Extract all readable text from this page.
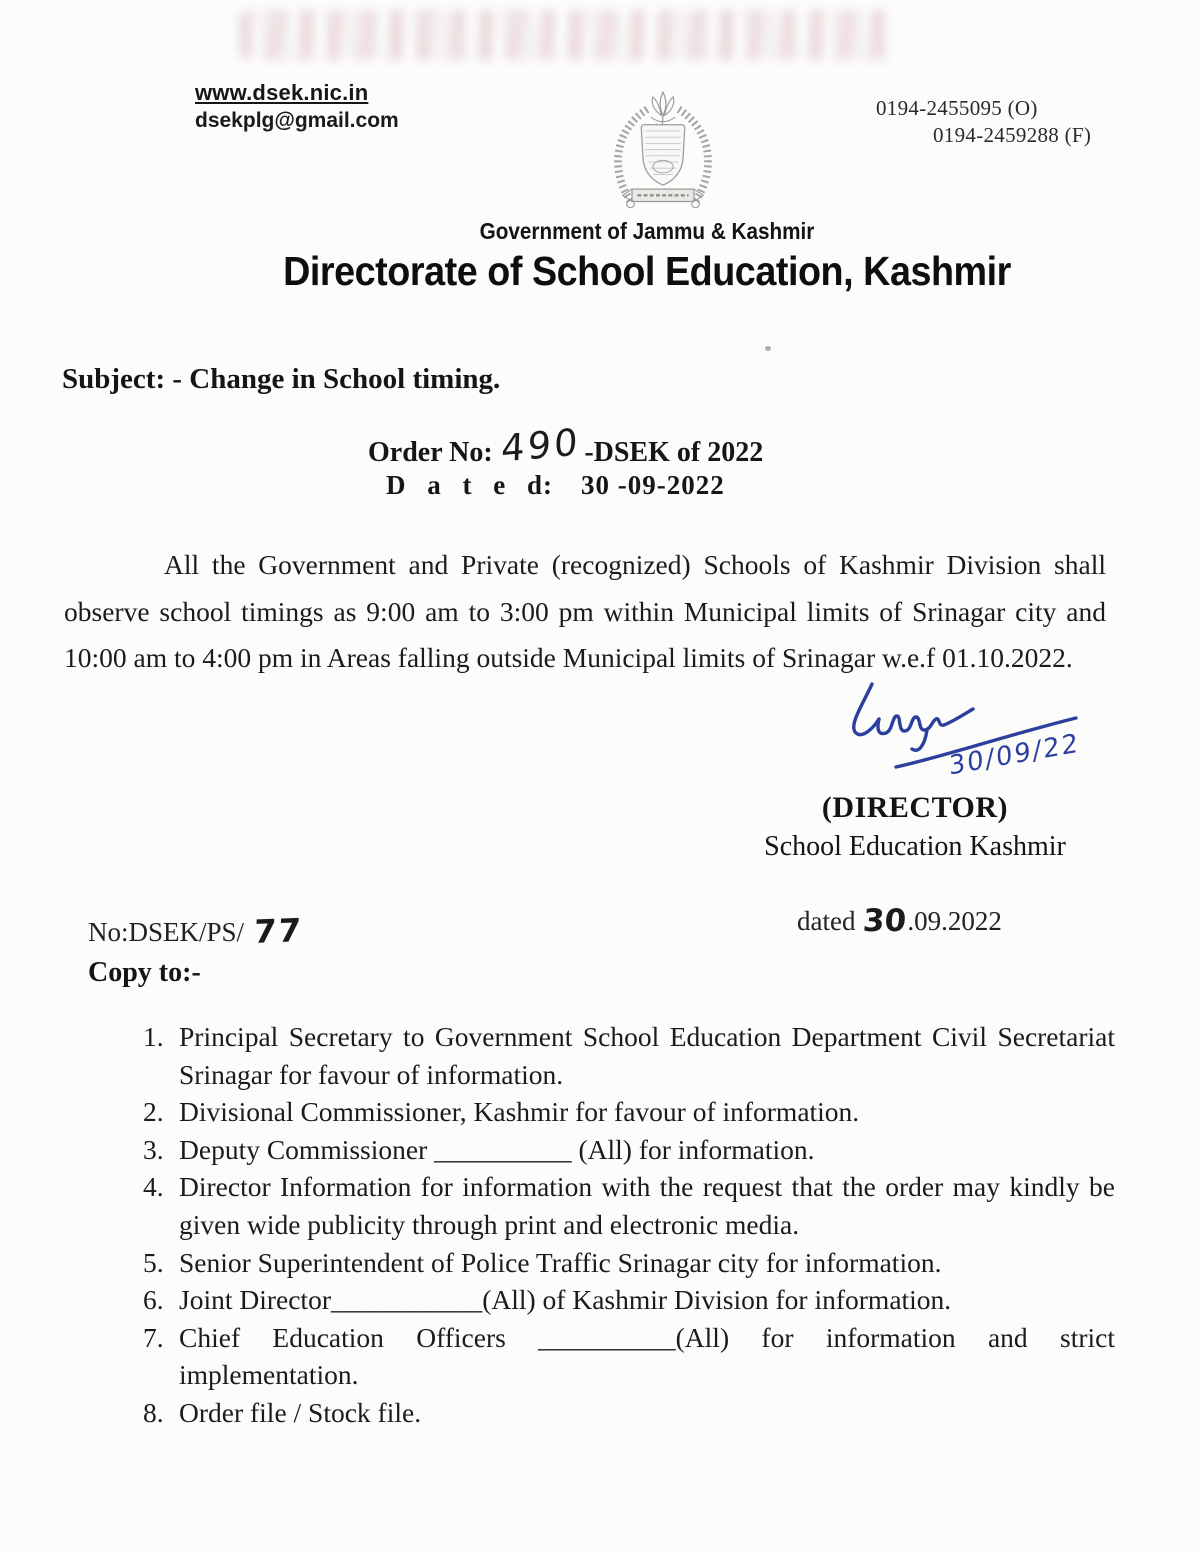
www.dsek.nic.in
dsekplg@gmail.com
0194-2455095 (O)
0194-2459288 (F)
Government of Jammu & Kashmir
Directorate of School Education, Kashmir
Subject: - Change in School timing.
Order No: 490 -DSEK of 2022
D a t e d: 30 -09-2022

All the Government and Private (recognized) Schools of Kashmir Division shall observe school timings as 9:00 am to 3:00 pm within Municipal limits of Srinagar city and 10:00 am to 4:00 pm in Areas falling outside Municipal limits of Srinagar w.e.f 01.10.2022.

30/09/22
(DIRECTOR)
School Education Kashmir
No:DSEK/PS/ 77	dated 30.09.2022
Copy to:-
1. Principal Secretary to Government School Education Department Civil Secretariat Srinagar for favour of information.
2. Divisional Commissioner, Kashmir for favour of information.
3. Deputy Commissioner __________ (All) for information.
4. Director Information for information with the request that the order may kindly be given wide publicity through print and electronic media.
5. Senior Superintendent of Police Traffic Srinagar city for information.
6. Joint Director___________(All) of Kashmir Division for information.
7. Chief Education Officers __________(All) for information and strict implementation.
8. Order file / Stock file.
